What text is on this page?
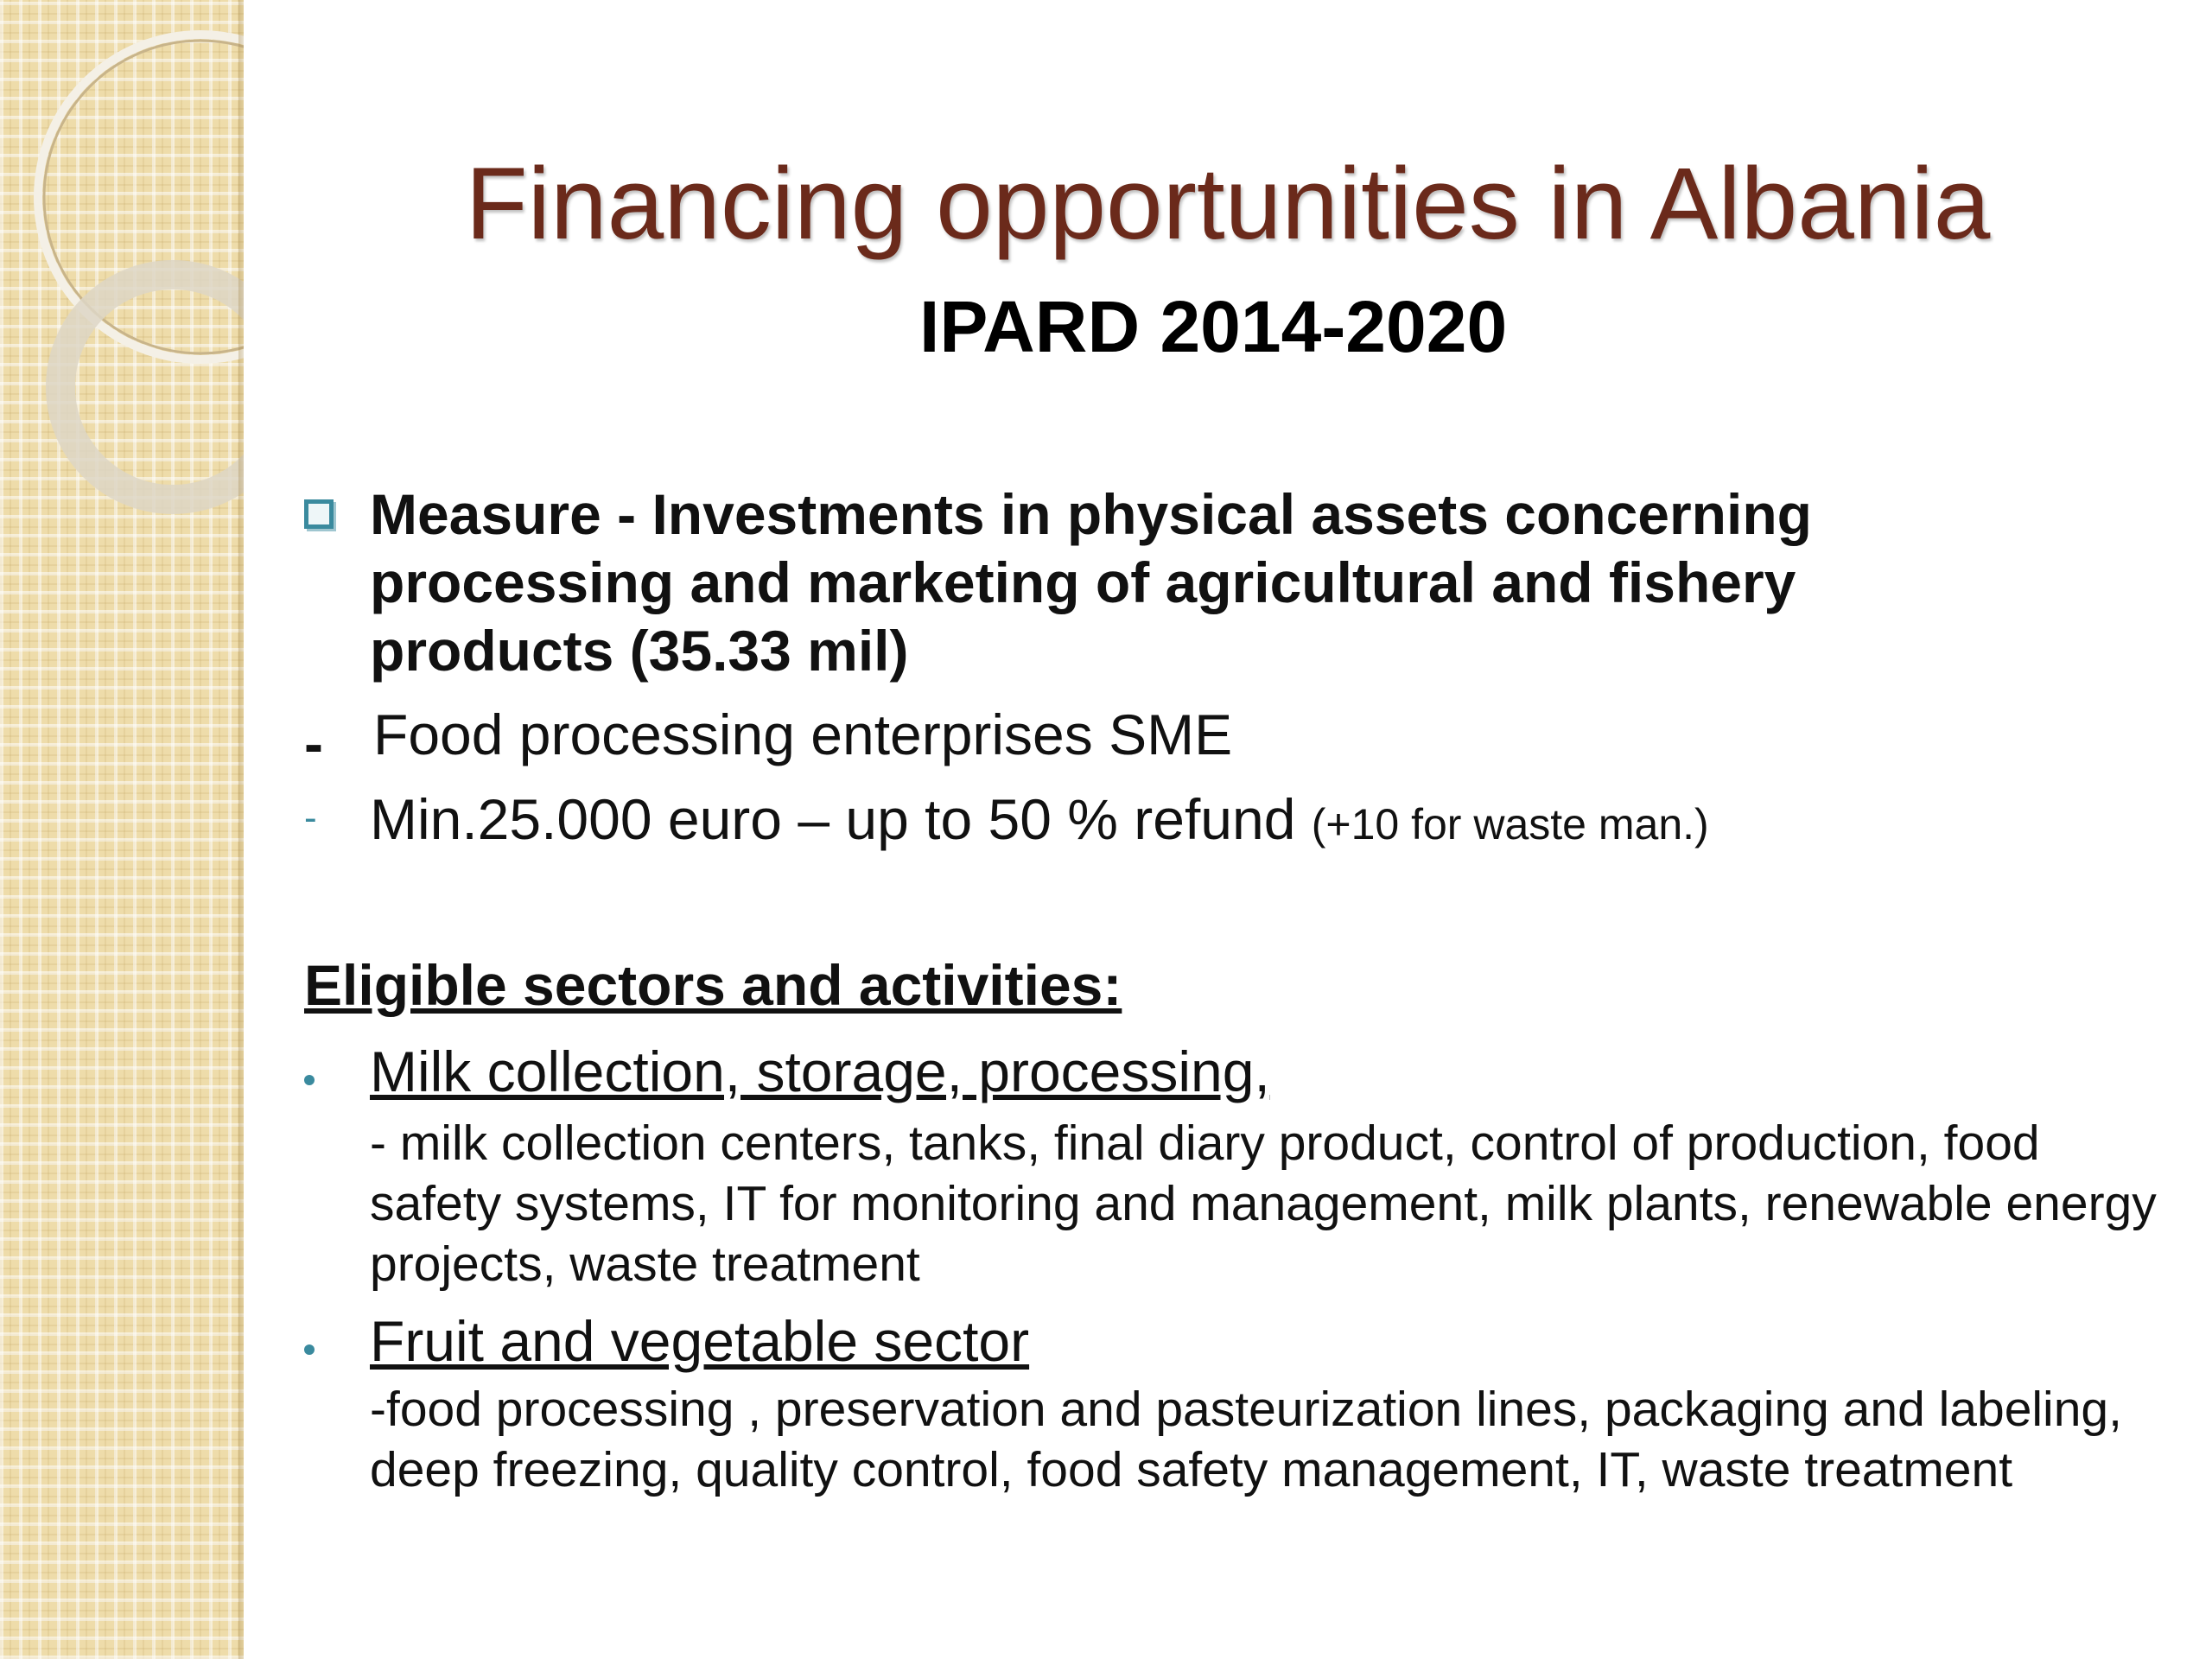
Financing opportunities in Albania
IPARD 2014-2020
Measure - Investments in physical assets concerning processing and marketing of agricultural and fishery products (35.33 mil)
- Food processing enterprises SME
- Min.25.000 euro – up to 50 % refund (+10 for waste man.)
Eligible sectors and activities:
Milk collection, storage, processing,
- milk collection centers, tanks, final diary product, control of production, food safety systems, IT for monitoring and management, milk plants, renewable energy projects, waste treatment
Fruit and vegetable sector
-food processing , preservation and pasteurization lines, packaging and labeling, deep freezing, quality control, food safety management, IT, waste treatment
